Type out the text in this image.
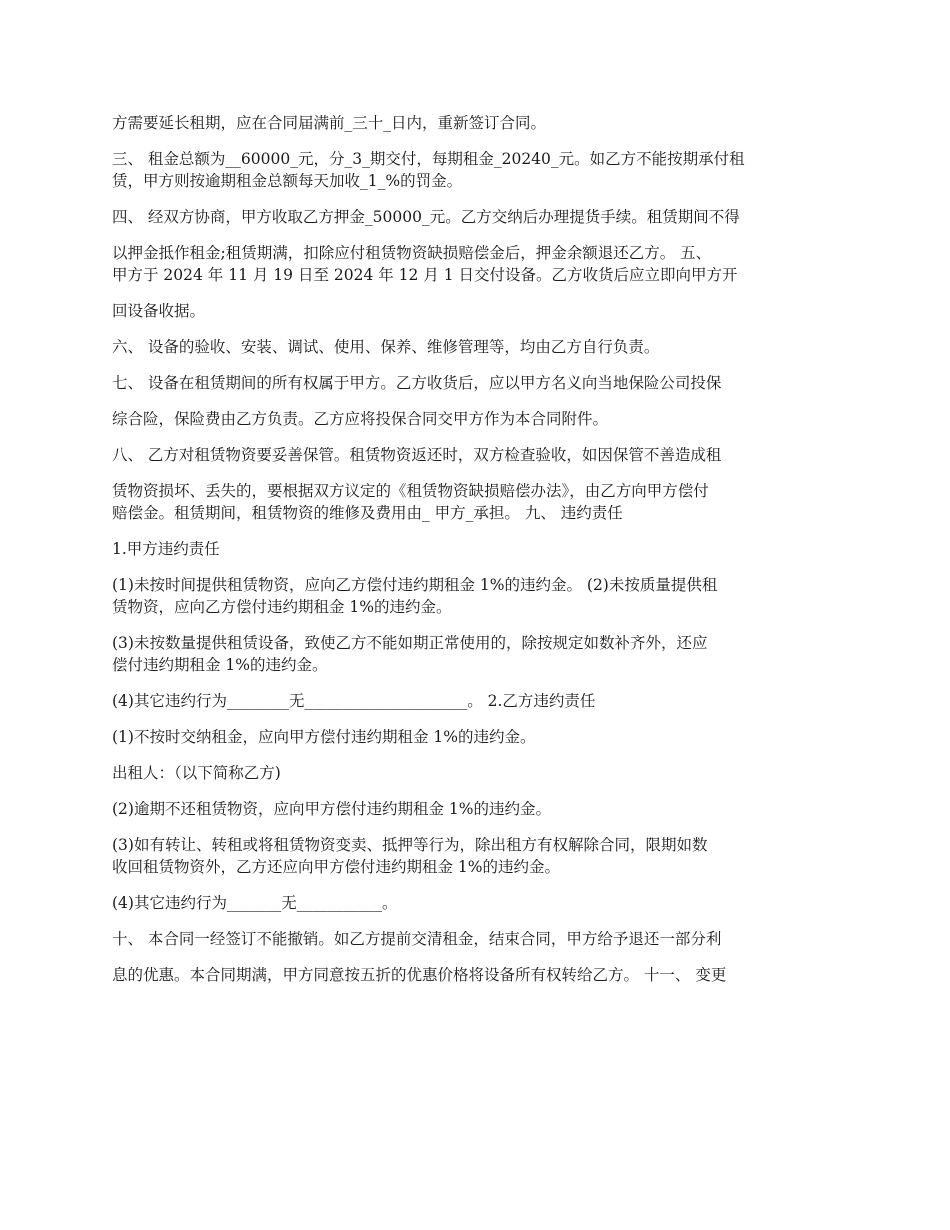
方需要延长租期，应在合同届满前_三十_日内，重新签订合同。

三、 租金总额为__60000_元，分_3_期交付，每期租金_20240_元。如乙方不能按期承付租
赁，甲方则按逾期租金总额每天加收_1_%的罚金。

四、 经双方协商，甲方收取乙方押金_50000_元。乙方交纳后办理提货手续。租赁期间不得

以押金抵作租金;租赁期满，扣除应付租赁物资缺损赔偿金后，押金余额退还乙方。 五、
甲方于 2024 年 11 月 19 日至 2024 年 12 月 1 日交付设备。乙方收货后应立即向甲方开

回设备收据。

六、 设备的验收、安装、调试、使用、保养、维修管理等，均由乙方自行负责。

七、 设备在租赁期间的所有权属于甲方。乙方收货后，应以甲方名义向当地保险公司投保

综合险，保险费由乙方负责。乙方应将投保合同交甲方作为本合同附件。

八、 乙方对租赁物资要妥善保管。租赁物资返还时，双方检查验收，如因保管不善造成租

赁物资损坏、丢失的，要根据双方议定的《租赁物资缺损赔偿办法》，由乙方向甲方偿付
赔偿金。租赁期间，租赁物资的维修及费用由_ 甲方_承担。 九、 违约责任

1.甲方违约责任

(1)未按时间提供租赁物资，应向乙方偿付违约期租金 1%的违约金。 (2)未按质量提供租
赁物资，应向乙方偿付违约期租金 1%的违约金。

(3)未按数量提供租赁设备，致使乙方不能如期正常使用的，除按规定如数补齐外，还应
偿付违约期租金 1%的违约金。

(4)其它违约行为________无_____________________。 2.乙方违约责任

(1)不按时交纳租金，应向甲方偿付违约期租金 1%的违约金。

出租人：（以下简称乙方)

(2)逾期不还租赁物资，应向甲方偿付违约期租金 1%的违约金。

(3)如有转让、转租或将租赁物资变卖、抵押等行为，除出租方有权解除合同，限期如数
收回租赁物资外，乙方还应向甲方偿付违约期租金 1%的违约金。

(4)其它违约行为_______无___________。

十、 本合同一经签订不能撤销。如乙方提前交清租金，结束合同，甲方给予退还一部分利

息的优惠。本合同期满，甲方同意按五折的优惠价格将设备所有权转给乙方。 十一、 变更
